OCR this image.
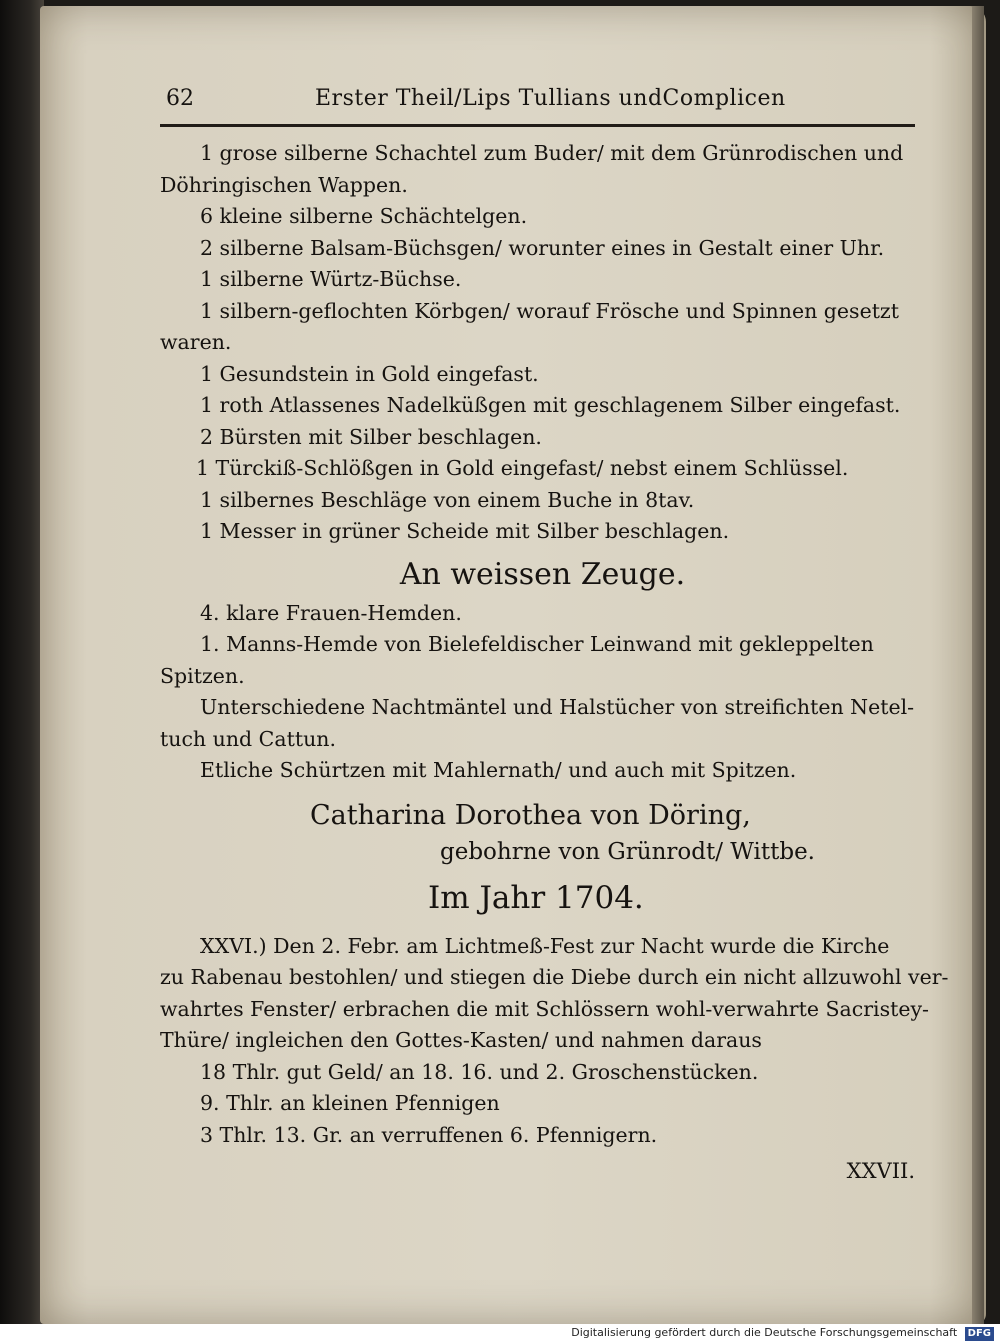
62	Erster Theil/Lips Tullians undComplicen
1 grose silberne Schachtel zum Buder/ mit dem Grünrodischen und
Döhringischen Wappen.
6 kleine silberne Schächtelgen.
2 silberne Balsam-Büchsgen/ worunter eines in Gestalt einer Uhr.
1 silberne Würtz-Büchse.
1 silbern-geflochten Körbgen/ worauf Frösche und Spinnen gesetzt
waren.
1 Gesundstein in Gold eingefast.
1 roth Atlassenes Nadelküßgen mit geschlagenem Silber eingefast.
2 Bürsten mit Silber beschlagen.
1 Türckiß-Schlößgen in Gold eingefast/ nebst einem Schlüssel.
1 silbernes Beschläge von einem Buche in 8tav.
1 Messer in grüner Scheide mit Silber beschlagen.
An weissen Zeuge.
4. klare Frauen-Hemden.
1. Manns-Hemde von Bielefeldischer Leinwand mit gekleppelten
Spitzen.
Unterschiedene Nachtmäntel und Halstücher von streifichten Netel-
tuch und Cattun.
Etliche Schürtzen mit Mahlernath/ und auch mit Spitzen.
Catharina Dorothea von Döring,
gebohrne von Grünrodt/ Wittbe.
Im Jahr 1704.
XXVI.) Den 2. Febr. am Lichtmeß-Fest zur Nacht wurde die Kirche
zu Rabenau bestohlen/ und stiegen die Diebe durch ein nicht allzuwohl ver-
wahrtes Fenster/ erbrachen die mit Schlössern wohl-verwahrte Sacristey-
Thüre/ ingleichen den Gottes-Kasten/ und nahmen daraus
18 Thlr. gut Geld/ an 18. 16. und 2. Groschenstücken.
9. Thlr. an kleinen Pfennigen
3 Thlr. 13. Gr. an verruffenen 6. Pfennigern.
XXVII.
Digitalisierung gefördert durch die Deutsche Forschungsgemeinschaft DFG
